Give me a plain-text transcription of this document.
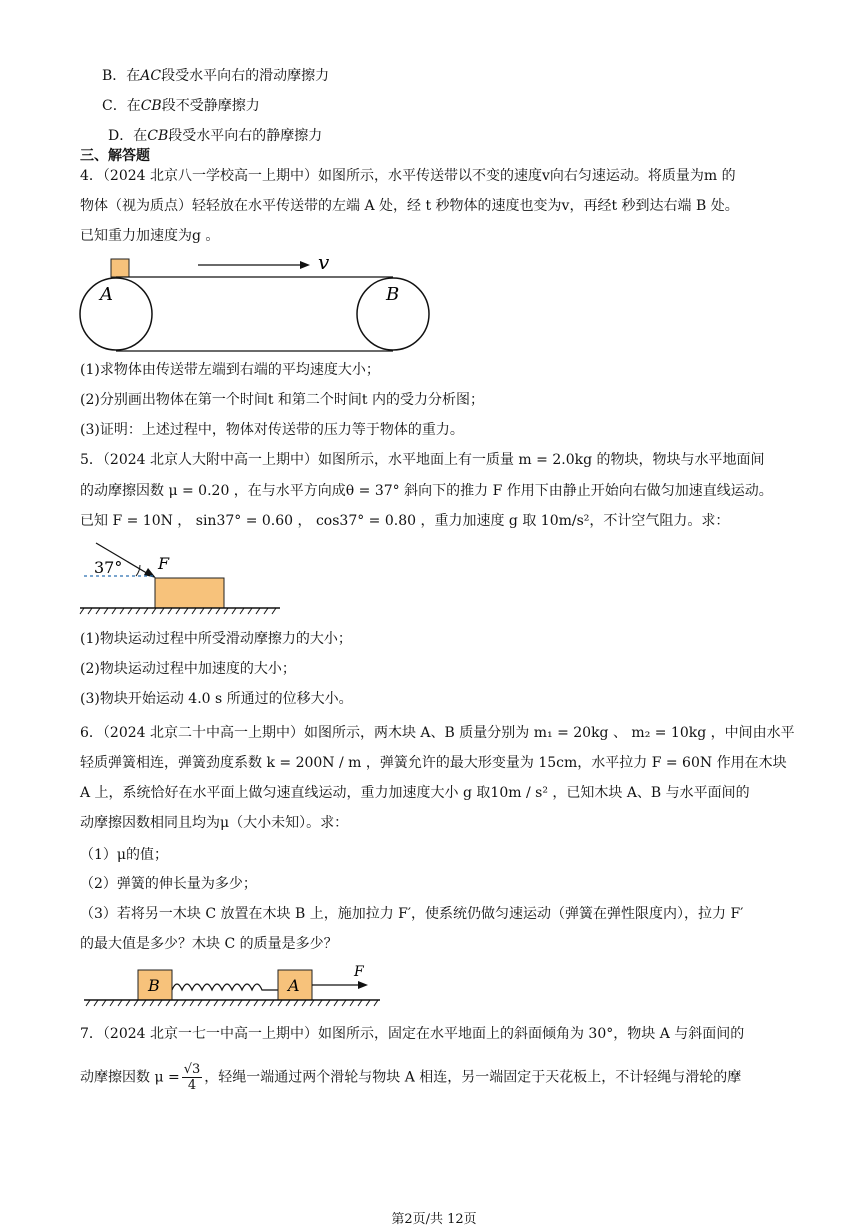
B．在AC段受水平向右的滑动摩擦力
C．在CB段不受静摩擦力
D．在CB段受水平向右的静摩擦力
三、解答题
4．（2024 北京八一学校高一上期中）如图所示，水平传送带以不变的速度v向右匀速运动。将质量为m 的
物体（视为质点）轻轻放在水平传送带的左端 A 处，经 t 秒物体的速度也变为v，再经t 秒到达右端 B 处。
已知重力加速度为g 。
v
A	B
(1)求物体由传送带左端到右端的平均速度大小；
(2)分别画出物体在第一个时间t 和第二个时间t 内的受力分析图；
(3)证明：上述过程中，物体对传送带的压力等于物体的重力。
5．（2024 北京人大附中高一上期中）如图所示，水平地面上有一质量 m = 2.0kg 的物块，物块与水平地面间
的动摩擦因数 μ = 0.20 ，在与水平方向成θ = 37° 斜向下的推力 F 作用下由静止开始向右做匀加速直线运动。
已知 F = 10N ， sin37° = 0.60 ， cos37° = 0.80 ，重力加速度 g 取 10m/s²，不计空气阻力。求：
37° F
(1)物块运动过程中所受滑动摩擦力的大小；
(2)物块运动过程中加速度的大小；
(3)物块开始运动 4.0 s 所通过的位移大小。
6．（2024 北京二十中高一上期中）如图所示，两木块 A、B 质量分别为 m₁ = 20kg 、 m₂ = 10kg ，中间由水平
轻质弹簧相连，弹簧劲度系数 k = 200N / m ，弹簧允许的最大形变量为 15cm，水平拉力 F = 60N 作用在木块
A 上，系统恰好在水平面上做匀速直线运动，重力加速度大小 g 取10m / s² ，已知木块 A、B 与水平面间的
动摩擦因数相同且均为μ（大小未知）。求：
（1）μ的值；
（2）弹簧的伸长量为多少；
（3）若将另一木块 C 放置在木块 B 上，施加拉力 F′，使系统仍做匀速运动（弹簧在弹性限度内），拉力 F′
的最大值是多少？木块 C 的质量是多少？
B	A
F
7．（2024 北京一七一中高一上期中）如图所示，固定在水平地面上的斜面倾角为 30°，物块 A 与斜面间的
动摩擦因数 $\mu = \frac{√3}{4}$ ，轻绳一端通过两个滑轮与物块 A 相连，另一端固定于天花板上，不计轻绳与滑轮的摩
第2页/共 12页
